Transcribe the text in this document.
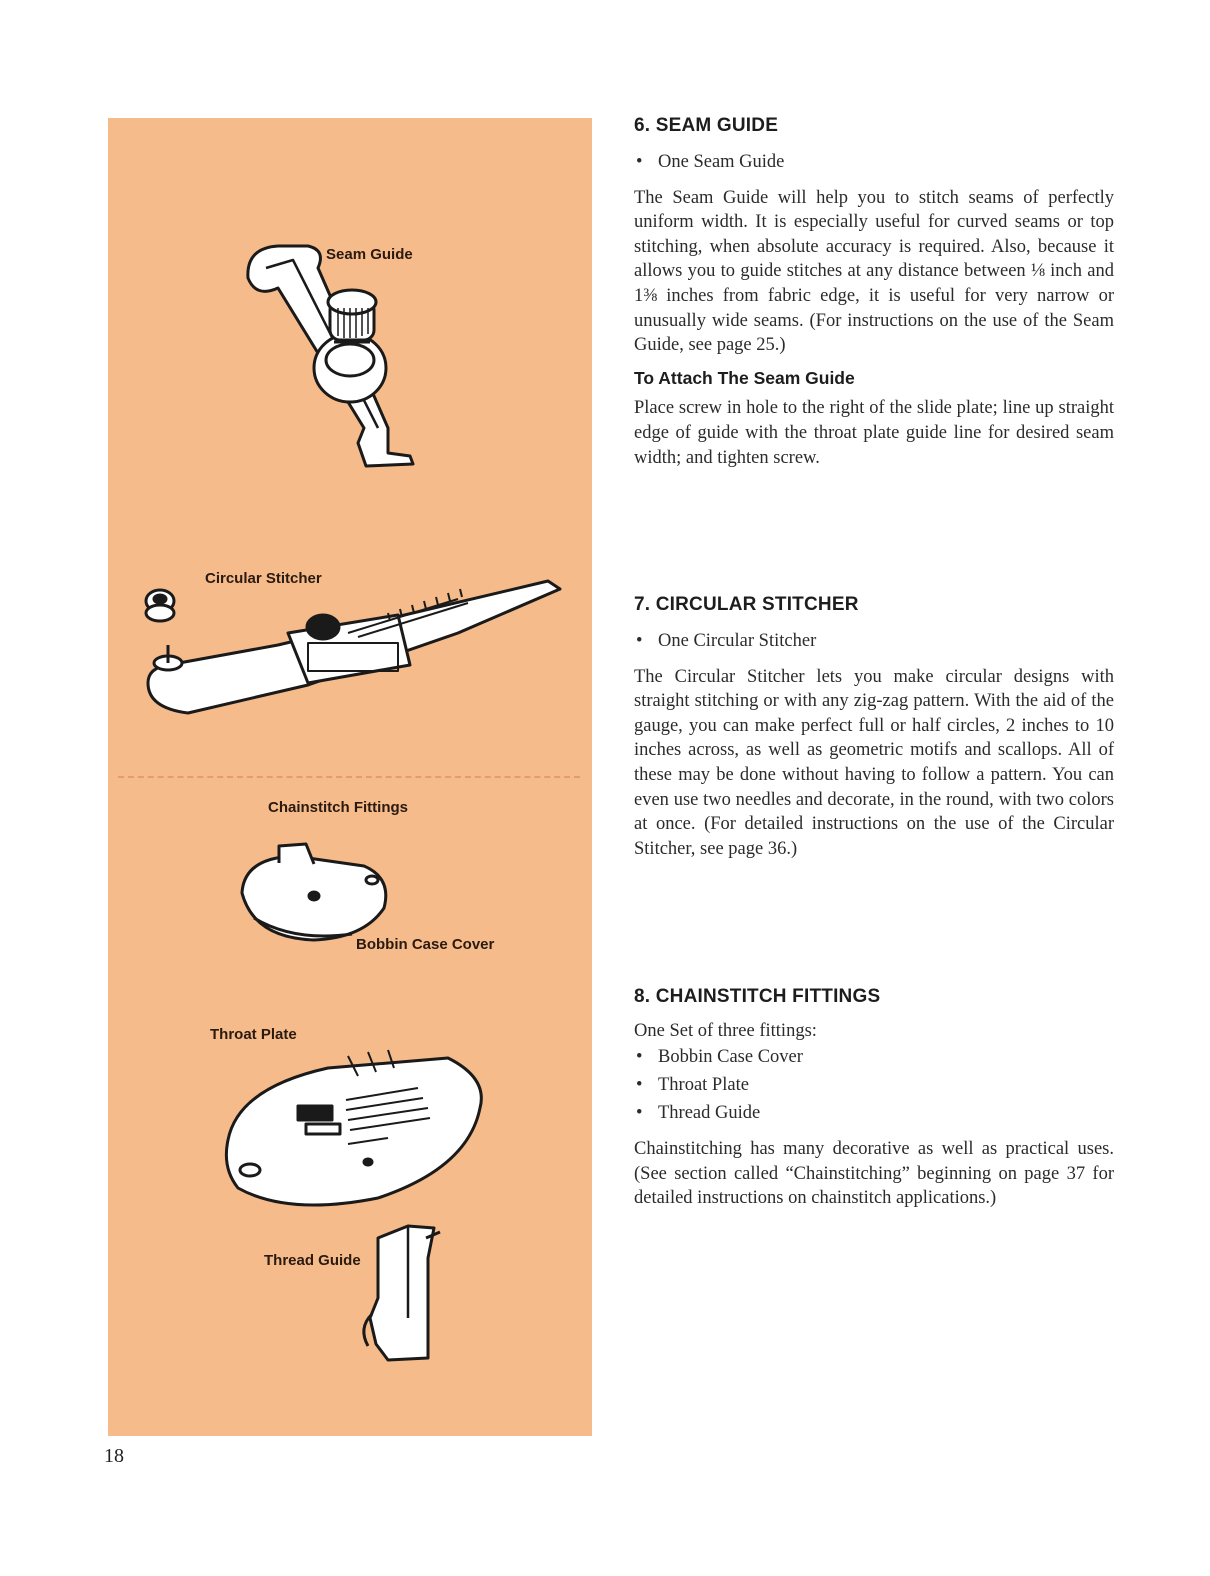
Seam Guide
Circular Stitcher
Chainstitch Fittings
Bobbin Case Cover
Throat Plate
Thread Guide
18
6. SEAM GUIDE
• One Seam Guide

The Seam Guide will help you to stitch seams of perfectly uniform width. It is especially useful for curved seams or top stitching, when absolute accuracy is required. Also, because it allows you to guide stitches at any distance between ⅛ inch and 1⅜ inches from fabric edge, it is useful for very narrow or unusually wide seams. (For instructions on the use of the Seam Guide, see page 25.)

To Attach The Seam Guide

Place screw in hole to the right of the slide plate; line up straight edge of guide with the throat plate guide line for desired seam width; and tighten screw.

7. CIRCULAR STITCHER
• One Circular Stitcher

The Circular Stitcher lets you make circular designs with straight stitching or with any zig-zag pattern. With the aid of the gauge, you can make perfect full or half circles, 2 inches to 10 inches across, as well as geometric motifs and scallops. All of these may be done without having to follow a pattern. You can even use two needles and decorate, in the round, with two colors at once. (For detailed instructions on the use of the Circular Stitcher, see page 36.)

8. CHAINSTITCH FITTINGS

One Set of three fittings:

• Bobbin Case Cover
• Throat Plate
• Thread Guide

Chainstitching has many decorative as well as practical uses. (See section called “Chainstitching” beginning on page 37 for detailed instructions on chainstitch applications.)
